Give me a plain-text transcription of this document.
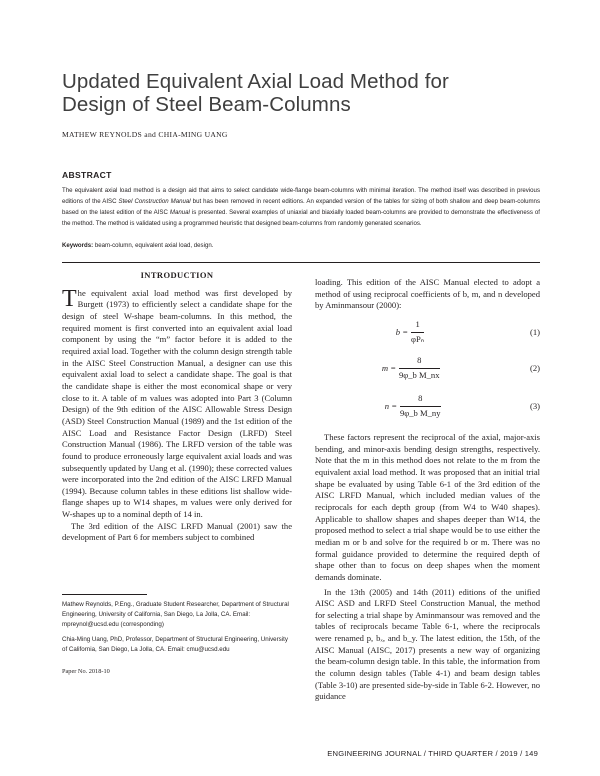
Updated Equivalent Axial Load Method for
Design of Steel Beam-Columns
MATHEW REYNOLDS and CHIA-MING UANG
ABSTRACT
The equivalent axial load method is a design aid that aims to select candidate wide-flange beam-columns with minimal iteration. The method itself was described in previous editions of the AISC Steel Construction Manual but has been removed in recent editions. An expanded version of the tables for sizing of both shallow and deep beam-columns based on the latest edition of the AISC Manual is presented. Several examples of uniaxial and biaxially loaded beam-columns are provided to demonstrate the effectiveness of the method. The method is validated using a programmed heuristic that designed beam-columns from randomly generated scenarios.
Keywords: beam-column, equivalent axial load, design.
INTRODUCTION

The equivalent axial load method was first developed by Burgett (1973) to efficiently select a candidate shape for the design of steel W-shape beam-columns. In this method, the required moment is first converted into an equivalent axial load component by using the “m” factor before it is added to the required axial load. Together with the column design strength table in the AISC Steel Construction Manual, a designer can use this equivalent axial load to select a candidate shape. The goal is that the candidate shape is either the most economical shape or very close to it. A table of m values was adopted into Part 3 (Column Design) of the 9th edition of the AISC Allowable Stress Design (ASD) Steel Construction Manual (1989) and the 1st edition of the AISC Load and Resistance Factor Design (LRFD) Steel Construction Manual (1986). The LRFD version of the table was found to produce erroneously large equivalent axial loads and was subsequently updated by Uang et al. (1990); these corrected values were incorporated into the 2nd edition of the AISC LRFD Manual (1994). Because column tables in these editions list shallow wide-flange shapes up to W14 shapes, m values were only derived for W-shapes up to a nominal depth of 14 in.

The 3rd edition of the AISC LRFD Manual (2001) saw the development of Part 6 for members subject to combined

loading. This edition of the AISC Manual elected to adopt a method of using reciprocal coefficients of b, m, and n developed by Aminmansour (2000):

b =
1
φPₙ
(1)
$m = \frac{8}{\text{9φ\_b M\_nx}}$	(2)
$n = \frac{8}{\text{9φ\_b M\_ny}}$	(3)

These factors represent the reciprocal of the axial, major-axis bending, and minor-axis bending design strengths, respectively. Note that the m in this method does not relate to the m from the equivalent axial load method. It was proposed that an initial trial shape be evaluated by using Table 6-1 of the 3rd edition of the AISC LRFD Manual, which included median values of the reciprocals for each depth group (from W4 to W40 shapes). Applicable to shallow shapes and shapes deeper than W14, the proposed method to select a trial shape would be to use either the median m or b and solve for the required b or m. There was no formal guidance provided to determine the required depth of shape other than to focus on deep shapes when the moment demands dominate.

In the 13th (2005) and 14th (2011) editions of the unified AISC ASD and LRFD Steel Construction Manual, the method for selecting a trial shape by Aminmansour was removed and the tables of reciprocals became Table 6-1, where the reciprocals were renamed p, bₓ, and b_y. The latest edition, the 15th, of the AISC Manual (AISC, 2017) presents a new way of organizing the beam-column design table. In this table, the information from the column design tables (Table 4-1) and beam design tables (Table 3-10) are presented side-by-side in Table 6-2. However, no guidance

Mathew Reynolds, P.Eng., Graduate Student Researcher, Department of Structural Engineering, University of California, San Diego, La Jolla, CA. Email: mpreynol@ucsd.edu (corresponding)

Chia-Ming Uang, PhD, Professor, Department of Structural Engineering, University of California, San Diego, La Jolla, CA. Email: cmu@ucsd.edu

Paper No. 2018-10
ENGINEERING JOURNAL / THIRD QUARTER / 2019 / 149
